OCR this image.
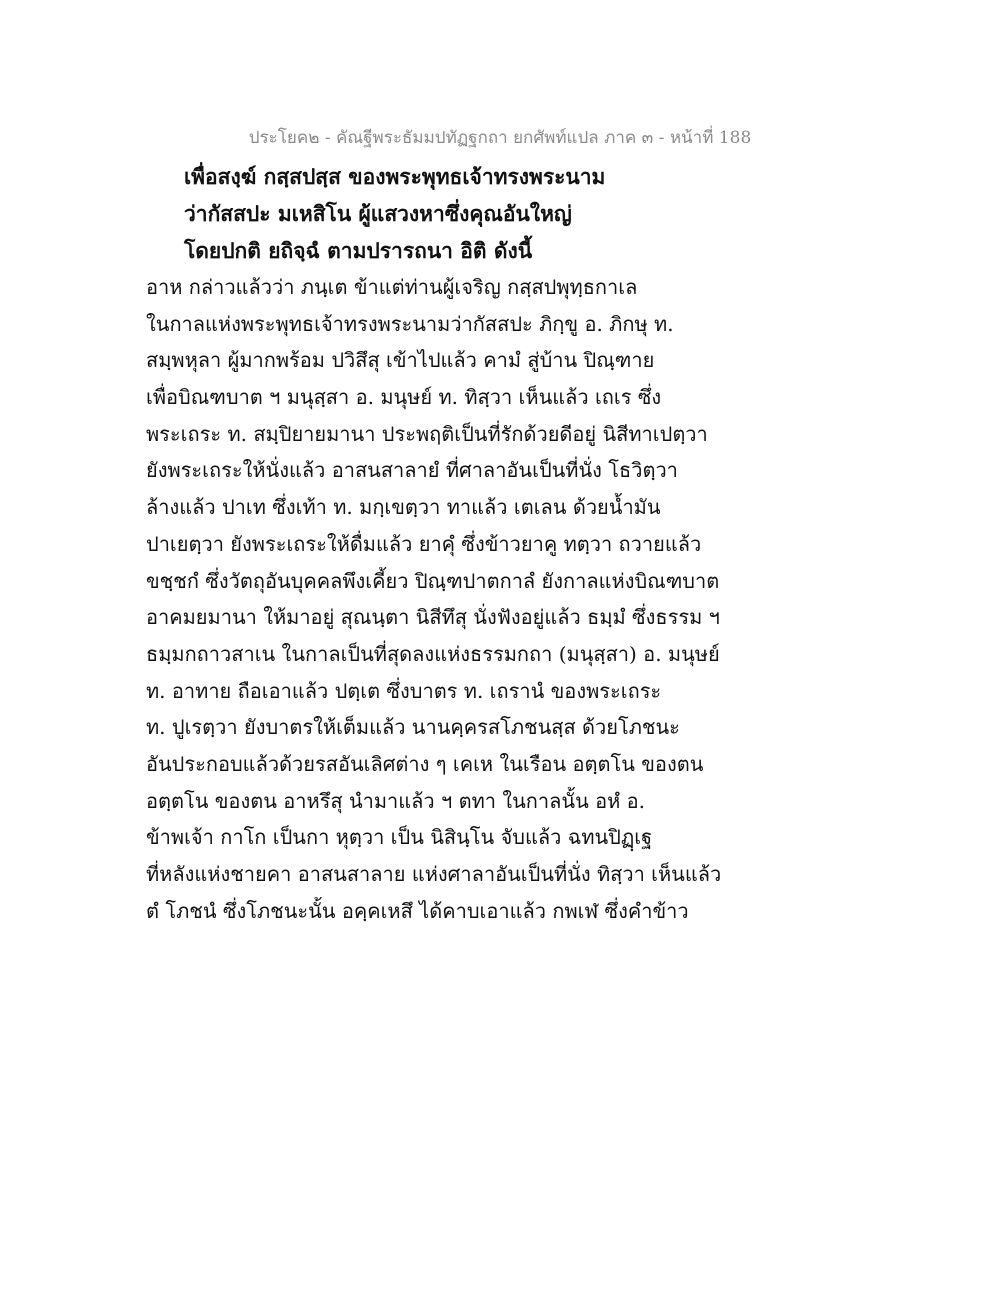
ประโยค๒ - คัณฐีพระธัมมปทัฏฐกถา ยกศัพท์แปล ภาค ๓ - หน้าที่ 188
เพื่อสงฺฆ์ กสฺสปสฺส ของพระพุทธเจ้าทรงพระนาม
ว่ากัสสปะ มเหสิโน ผู้แสวงหาซึ่งคุณอันใหญ่
โดยปกติ ยถิจฺฉํ ตามปรารถนา อิติ ดังนี้
อาห กล่าวแล้วว่า ภนฺเต ข้าแต่ท่านผู้เจริญ กสฺสปพุทฺธกาเล
ในกาลแห่งพระพุทธเจ้าทรงพระนามว่ากัสสปะ ภิกฺขู อ. ภิกษุ ท.
สมฺพหุลา ผู้มากพร้อม ปวิสึสุ เข้าไปแล้ว คามํ สู่บ้าน ปิณฺฑาย
เพื่อบิณฑบาต ฯ มนุสฺสา อ. มนุษย์ ท. ทิสฺวา เห็นแล้ว เถเร ซึ่ง
พระเถระ ท. สมฺปิยายมานา ประพฤติเป็นที่รักด้วยดีอยู่ นิสีทาเปตฺวา
ยังพระเถระให้นั่งแล้ว อาสนสาลายํ ที่ศาลาอันเป็นที่นั่ง โธวิตฺวา
ล้างแล้ว ปาเท ซึ่งเท้า ท. มกฺเขตฺวา ทาแล้ว เตเลน ด้วยน้ำมัน
ปาเยตฺวา ยังพระเถระให้ดื่มแล้ว ยาคุํ ซึ่งข้าวยาคู ทตฺวา ถวายแล้ว
ขชฺชกํ ซึ่งวัตถุอันบุคคลพึงเคี้ยว ปิณฺฑปาตกาลํ ยังกาลแห่งบิณฑบาต
อาคมยมานา ให้มาอยู่ สุณนฺตา นิสีทึสุ นั่งฟังอยู่แล้ว ธมฺมํ ซึ่งธรรม ฯ
ธมฺมกถาวสาเน ในกาลเป็นที่สุดลงแห่งธรรมกถา (มนุสฺสา) อ. มนุษย์
ท. อาทาย ถือเอาแล้ว ปตฺเต ซึ่งบาตร ท. เถรานํ ของพระเถระ
ท. ปูเรตฺวา ยังบาตรให้เต็มแล้ว นานคฺครสโภชนสฺส ด้วยโภชนะ
อันประกอบแล้วด้วยรสอันเลิศต่าง ๆ เคเห ในเรือน อตฺตโน ของตน
อตฺตโน ของตน อาหรึสุ นำมาแล้ว ฯ ตทา ในกาลนั้น อหํ อ.
ข้าพเจ้า กาโก เป็นกา หุตฺวา เป็น นิสินฺโน จับแล้ว ฉทนปิฏฺเฐ
ที่หลังแห่งชายคา อาสนสาลาย แห่งศาลาอันเป็นที่นั่ง ทิสฺวา เห็นแล้ว
ตํ โภชนํ ซึ่งโภชนะนั้น อคฺคเหสึ ได้คาบเอาแล้ว กพเฬ ซึ่งคำข้าว
